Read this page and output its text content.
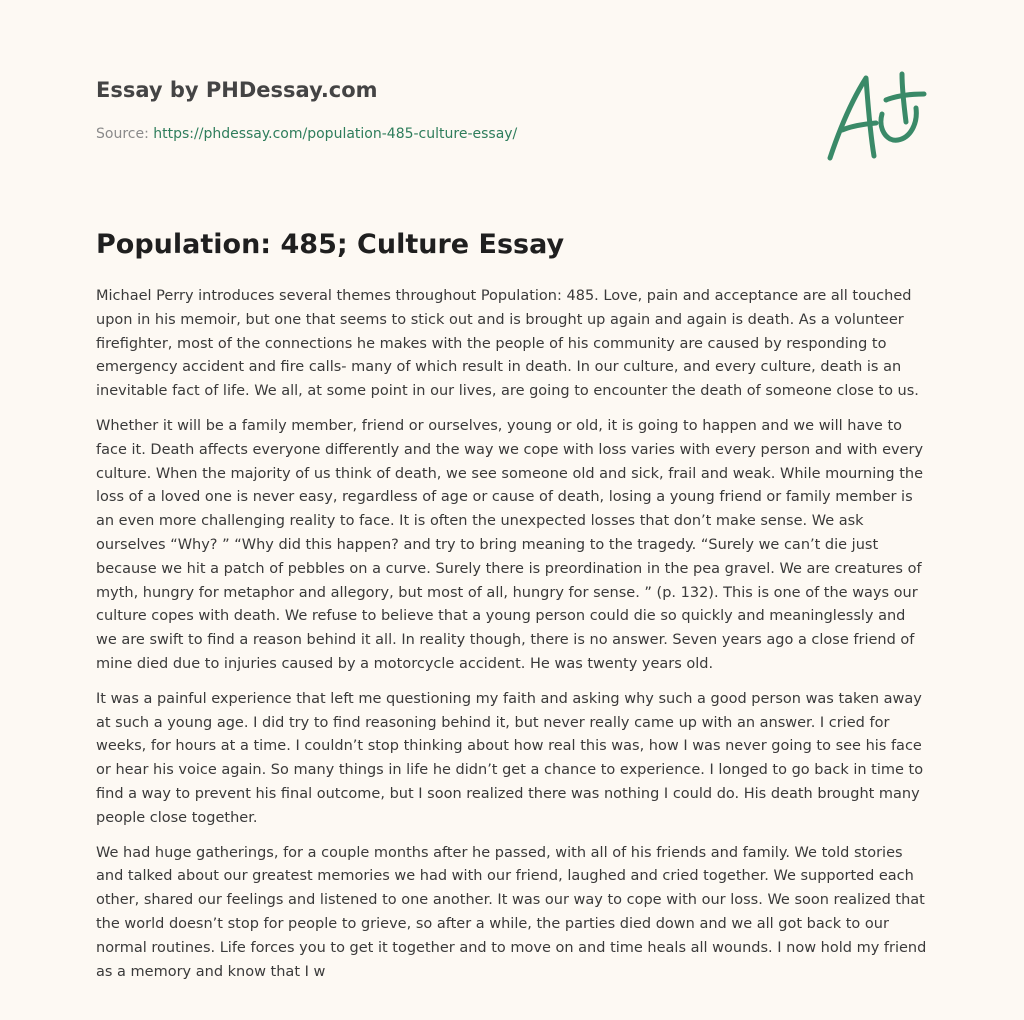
Essay by PHDessay.com
Source: https://phdessay.com/population-485-culture-essay/
Population: 485; Culture Essay

Michael Perry introduces several themes throughout Population: 485. Love, pain and acceptance are all touched upon in his memoir, but one that seems to stick out and is brought up again and again is death. As a volunteer firefighter, most of the connections he makes with the people of his community are caused by responding to emergency accident and fire calls- many of which result in death. In our culture, and every culture, death is an inevitable fact of life. We all, at some point in our lives, are going to encounter the death of someone close to us.

Whether it will be a family member, friend or ourselves, young or old, it is going to happen and we will have to face it. Death affects everyone differently and the way we cope with loss varies with every person and with every culture. When the majority of us think of death, we see someone old and sick, frail and weak. While mourning the loss of a loved one is never easy, regardless of age or cause of death, losing a young friend or family member is an even more challenging reality to face. It is often the unexpected losses that don’t make sense. We ask ourselves “Why? ” “Why did this happen? and try to bring meaning to the tragedy. “Surely we can’t die just because we hit a patch of pebbles on a curve. Surely there is preordination in the pea gravel. We are creatures of myth, hungry for metaphor and allegory, but most of all, hungry for sense. ” (p. 132). This is one of the ways our culture copes with death. We refuse to believe that a young person could die so quickly and meaninglessly and we are swift to find a reason behind it all. In reality though, there is no answer. Seven years ago a close friend of mine died due to injuries caused by a motorcycle accident. He was twenty years old.

It was a painful experience that left me questioning my faith and asking why such a good person was taken away at such a young age. I did try to find reasoning behind it, but never really came up with an answer. I cried for weeks, for hours at a time. I couldn’t stop thinking about how real this was, how I was never going to see his face or hear his voice again. So many things in life he didn’t get a chance to experience. I longed to go back in time to find a way to prevent his final outcome, but I soon realized there was nothing I could do. His death brought many people close together.

We had huge gatherings, for a couple months after he passed, with all of his friends and family. We told stories and talked about our greatest memories we had with our friend, laughed and cried together. We supported each other, shared our feelings and listened to one another. It was our way to cope with our loss. We soon realized that the world doesn’t stop for people to grieve, so after a while, the parties died down and we all got back to our normal routines. Life forces you to get it together and to move on and time heals all wounds. I now hold my friend as a memory and know that I w
